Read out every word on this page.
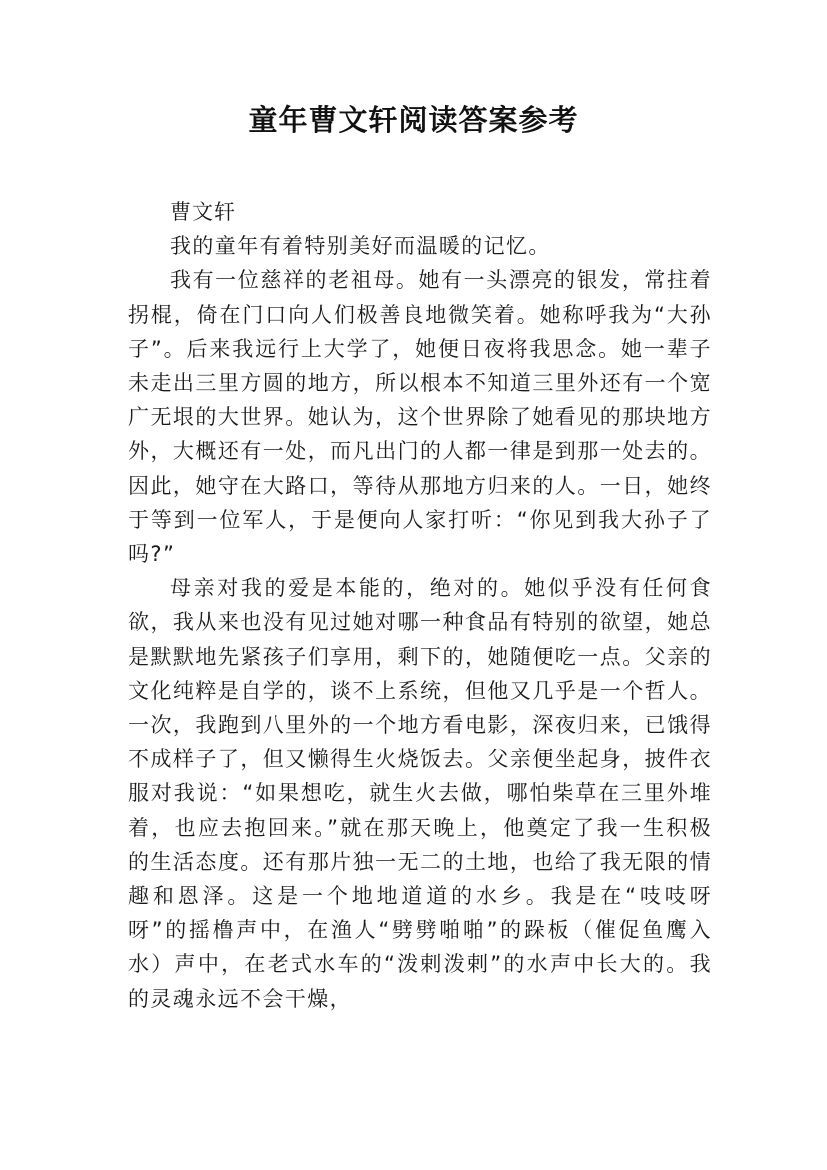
童年曹文轩阅读答案参考

曹文轩

我的童年有着特别美好而温暖的记忆。

我有一位慈祥的老祖母。她有一头漂亮的银发，常拄着拐棍，倚在门口向人们极善良地微笑着。她称呼我为“大孙子”。后来我远行上大学了，她便日夜将我思念。她一辈子未走出三里方圆的地方，所以根本不知道三里外还有一个宽广无垠的大世界。她认为，这个世界除了她看见的那块地方外，大概还有一处，而凡出门的人都一律是到那一处去的。因此，她守在大路口，等待从那地方归来的人。一日，她终于等到一位军人，于是便向人家打听：“你见到我大孙子了吗?”

母亲对我的爱是本能的，绝对的。她似乎没有任何食欲，我从来也没有见过她对哪一种食品有特别的欲望，她总是默默地先紧孩子们享用，剩下的，她随便吃一点。父亲的文化纯粹是自学的，谈不上系统，但他又几乎是一个哲人。一次，我跑到八里外的一个地方看电影，深夜归来，已饿得不成样子了，但又懒得生火烧饭去。父亲便坐起身，披件衣服对我说：“如果想吃，就生火去做，哪怕柴草在三里外堆着，也应去抱回来。”就在那天晚上，他奠定了我一生积极的生活态度。还有那片独一无二的土地，也给了我无限的情趣和恩泽。这是一个地地道道的水乡。我是在“吱吱呀呀”的摇橹声中，在渔人“劈劈啪啪”的跺板（催促鱼鹰入水）声中，在老式水车的“泼剌泼剌”的水声中长大的。我的灵魂永远不会干燥，
